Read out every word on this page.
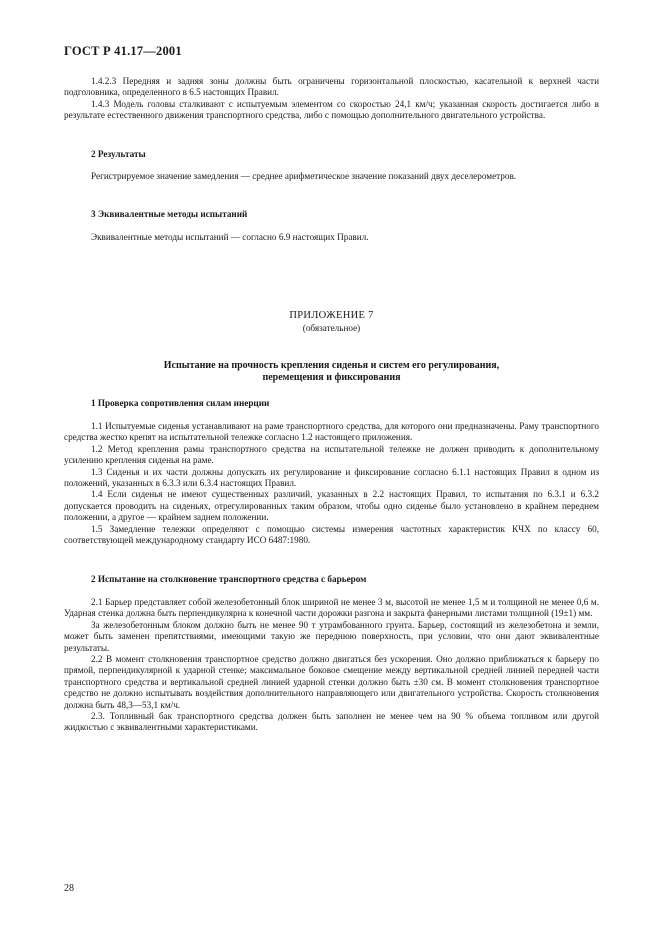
ГОСТ Р 41.17—2001

1.4.2.3 Передняя и задняя зоны должны быть ограничены горизонтальной плоскостью, касательной к верхней части подголовника, определенного в 6.5 настоящих Правил.

1.4.3 Модель головы сталкивают с испытуемым элементом со скоростью 24,1 км/ч; указанная скорость достигается либо в результате естественного движения транспортного средства, либо с помощью дополнительного двигательного устройства.

2 Результаты

Регистрируемое значение замедления — среднее арифметическое значение показаний двух деселерометров.

3 Эквивалентные методы испытаний

Эквивалентные методы испытаний — согласно 6.9 настоящих Правил.

ПРИЛОЖЕНИЕ 7
(обязательное)
Испытание на прочность крепления сиденья и систем его регулирования,
перемещения и фиксирования
1 Проверка сопротивления силам инерции

1.1 Испытуемые сиденья устанавливают на раме транспортного средства, для которого они предназначены. Раму транспортного средства жестко крепят на испытательной тележке согласно 1.2 настоящего приложения.

1.2 Метод крепления рамы транспортного средства на испытательной тележке не должен приводить к дополнительному усилению крепления сиденья на раме.

1.3 Сиденья и их части должны допускать их регулирование и фиксирование согласно 6.1.1 настоящих Правил в одном из положений, указанных в 6.3.3 или 6.3.4 настоящих Правил.

1.4 Если сиденья не имеют существенных различий, указанных в 2.2 настоящих Правил, то испытания по 6.3.1 и 6.3.2 допускается проводить на сиденьях, отрегулированных таким образом, чтобы одно сиденье было установлено в крайнем переднем положении, а другое — крайнем заднем положении.

1.5 Замедление тележки определяют с помощью системы измерения частотных характеристик КЧХ по классу 60, соответствующей международному стандарту ИСО 6487:1980.

2 Испытание на столкновение транспортного средства с барьером

2.1 Барьер представляет собой железобетонный блок шириной не менее 3 м, высотой не менее 1,5 м и толщиной не менее 0,6 м. Ударная стенка должна быть перпендикулярна к конечной части дорожки разгона и закрыта фанерными листами толщиной (19±1) мм.

За железобетонным блоком должно быть не менее 90 т утрамбованного грунта. Барьер, состоящий из железобетона и земли, может быть заменен препятствиями, имеющими такую же переднюю поверхность, при условии, что они дают эквивалентные результаты.

2.2 В момент столкновения транспортное средство должно двигаться без ускорения. Оно должно приближаться к барьеру по прямой, перпендикулярной к ударной стенке; максимальное боковое смещение между вертикальной средней линией передней части транспортного средства и вертикальной средней линией ударной стенки должно быть ±30 см. В момент столкновения транспортное средство не должно испытывать воздействия дополнительного направляющего или двигательного устройства. Скорость столкновения должна быть 48,3—53,1 км/ч.

2.3. Топливный бак транспортного средства должен быть заполнен не менее чем на 90 % объема топливом или другой жидкостью с эквивалентными характеристиками.

28
